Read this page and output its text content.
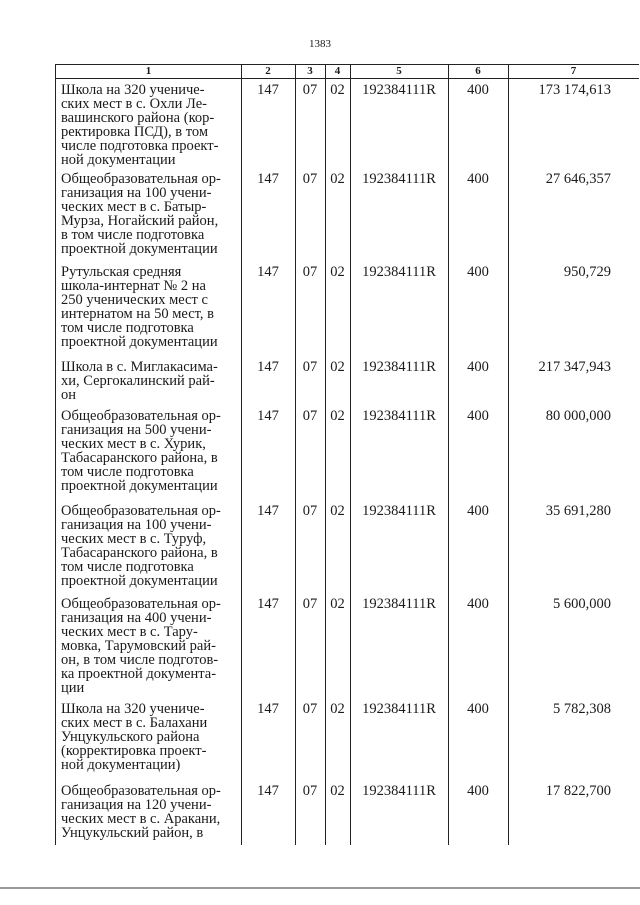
1383
1	2	3	4	5	6	7
Школа на 320 учениче-
ских мест в с. Охли Ле-
вашинского района (кор-
ректировка ПСД), в том
числе подготовка проект-
ной документации
147	07 02	192384111R	400	173 174,613
Общеобразовательная ор-
ганизация на 100 учени-
ческих мест в с. Батыр-
Мурза, Ногайский район,
в том числе подготовка
проектной документации
147	07 02	192384111R	400	27 646,357
Рутульская средняя
школа-интернат № 2 на
250 ученических мест с
интернатом на 50 мест, в
том числе подготовка
проектной документации
147	07 02	192384111R	400	950,729
Школа в с. Миглакасима-
хи, Сергокалинский рай-
он
147	07 02	192384111R	400	217 347,943
Общеобразовательная ор-
ганизация на 500 учени-
ческих мест в с. Хурик,
Табасаранского района, в
том числе подготовка
проектной документации
147	07 02	192384111R	400	80 000,000
Общеобразовательная ор-
ганизация на 100 учени-
ческих мест в с. Туруф,
Табасаранского района, в
том числе подготовка
проектной документации
147	07 02	192384111R	400	35 691,280
Общеобразовательная ор-
ганизация на 400 учени-
ческих мест в с. Тару-
мовка, Тарумовский рай-
он, в том числе подготов-
ка проектной документа-
ции
147	07 02	192384111R	400	5 600,000
Школа на 320 учениче-
ских мест в с. Балахани
Унцукульского района
(корректировка проект-
ной документации)
147	07 02	192384111R	400	5 782,308
Общеобразовательная ор-
ганизация на 120 учени-
ческих мест в с. Аракани,
Унцукульский район, в
147	07 02	192384111R	400	17 822,700
